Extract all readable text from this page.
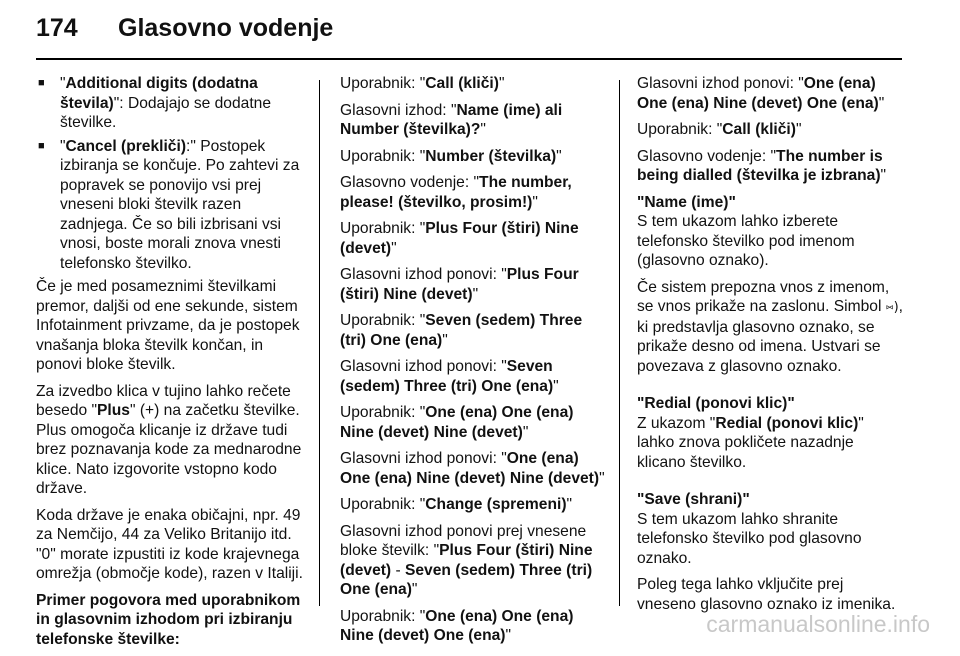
174	Glasovno vodenje
■ "Additional digits (dodatna števila)": Dodajajo se dodatne številke.
■ "Cancel (prekliči):" Postopek izbiranja se končuje. Po zahtevi za popravek se ponovijo vsi prej vneseni bloki številk razen zadnjega. Če so bili izbrisani vsi vnosi, boste morali znova vnesti telefonsko številko.

Če je med posameznimi številkami premor, daljši od ene sekunde, sistem Infotainment privzame, da je postopek vnašanja bloka številk končan, in ponovi bloke številk.

Za izvedbo klica v tujino lahko rečete besedo "Plus" (+) na začetku številke. Plus omogoča klicanje iz države tudi brez poznavanja kode za mednarodne klice. Nato izgovorite vstopno kodo države.

Koda države je enaka običajni, npr. 49 za Nemčijo, 44 za Veliko Britanijo itd. "0" morate izpustiti iz kode krajevnega omrežja (območje kode), razen v Italiji.

Primer pogovora med uporabnikom in glasovnim izhodom pri izbiranju telefonske številke:

Uporabnik: "Call (kliči)"

Glasovni izhod: "Name (ime) ali Number (številka)?"

Uporabnik: "Number (številka)"

Glasovno vodenje: "The number, please! (številko, prosim!)"

Uporabnik: "Plus Four (štiri) Nine (devet)"

Glasovni izhod ponovi: "Plus Four (štiri) Nine (devet)"

Uporabnik: "Seven (sedem) Three (tri) One (ena)"

Glasovni izhod ponovi: "Seven (sedem) Three (tri) One (ena)"

Uporabnik: "One (ena) One (ena) Nine (devet) Nine (devet)"

Glasovni izhod ponovi: "One (ena) One (ena) Nine (devet) Nine (devet)"

Uporabnik: "Change (spremeni)"

Glasovni izhod ponovi prej vnesene bloke številk: "Plus Four (štiri) Nine (devet) - Seven (sedem) Three (tri) One (ena)"

Uporabnik: "One (ena) One (ena) Nine (devet) One (ena)"

Glasovni izhod ponovi: "One (ena) One (ena) Nine (devet) One (ena)"

Uporabnik: "Call (kliči)"

Glasovno vodenje: "The number is being dialled (številka je izbrana)"

"Name (ime)"

S tem ukazom lahko izberete telefonsko številko pod imenom (glasovno oznako).

Če sistem prepozna vnos z imenom, se vnos prikaže na zaslonu. Simbol ⑅), ki predstavlja glasovno oznako, se prikaže desno od imena. Ustvari se povezava z glasovno oznako.

"Redial (ponovi klic)"

Z ukazom "Redial (ponovi klic)" lahko znova pokličete nazadnje klicano številko.

"Save (shrani)"

S tem ukazom lahko shranite telefonsko številko pod glasovno oznako.

Poleg tega lahko vključite prej vneseno glasovno oznako iz imenika.

carmanualsonline.info
